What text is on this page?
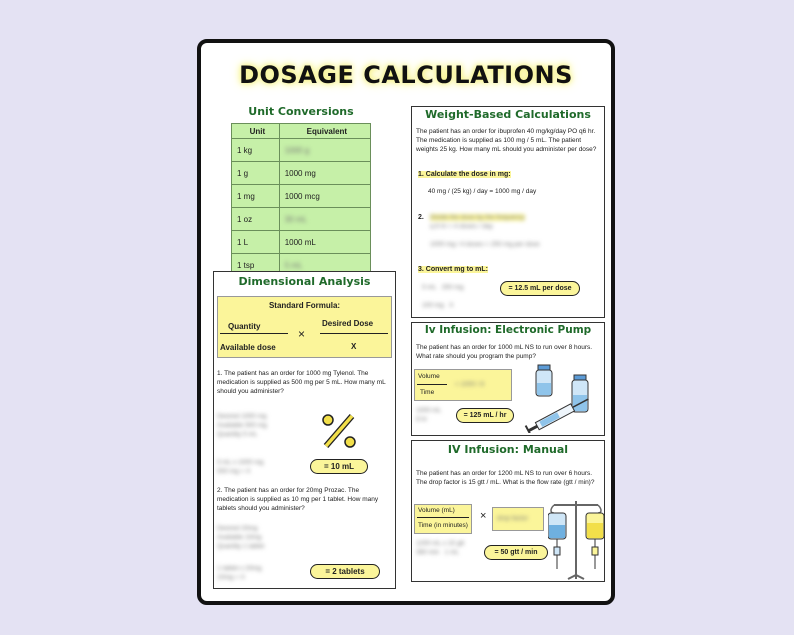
DOSAGE CALCULATIONS
Unit Conversions
Unit	Equivalent
1 kg	1000 g
1 g	1000 mg
1 mg	1000 mcg
1 oz	30 mL
1 L	1000 mL
1 tsp	5 mL
Dimensional Analysis
Standard Formula:
Quantity
Available dose
×
Desired Dose
X
1. The patient has an order for 1000 mg Tylenol. The medication is supplied as 500 mg per 5 mL. How many mL should you administer?
Desired 1000 mg
Available 500 mg
Quantity 5 mL
5 mL x 1000 mg
500 mg = X
= 10 mL
2. The patient has an order for 20mg Prozac. The medication is supplied as 10 mg per 1 tablet. How many tablets should you administer?
Desired 20mg
Available 10mg
Quantity 1 tablet
1 tablet x 20mg
10mg = X
= 2 tablets
Weight-Based Calculations
The patient has an order for ibuprofen 40 mg/kg/day PO q6 hr. The medication is supplied as 100 mg / 5 mL. The patient weights 25 kg. How many mL should you administer per dose?
1. Calculate the dose in mg:
40 mg / (25 kg) / day = 1000 mg / day
2. Divide the dose by the frequency
q 6 hr = 4 doses / day

1000 mg / 4 doses = 250 mg per dose
3. Convert mg to mL:
5 mL   250 mg

100 mg   X
= 12.5 mL per dose
Iv Infusion: Electronic Pump
The patient has an order for 1000 mL NS to run over 8 hours. What rate should you program the pump?
Volume
Time
= 1000 / 8
1000 mL
8 hr
= 125 mL / hr
IV Infusion: Manual
The patient has an order for 1200 mL NS to run over 6 hours. The drop factor is 15 gtt / mL. What is the flow rate (gtt / min)?
Volume (mL)
Time (in minutes)
× drop factor
1200 mL x 15 gtt
360 min   1 mL	= 50 gtt / min
